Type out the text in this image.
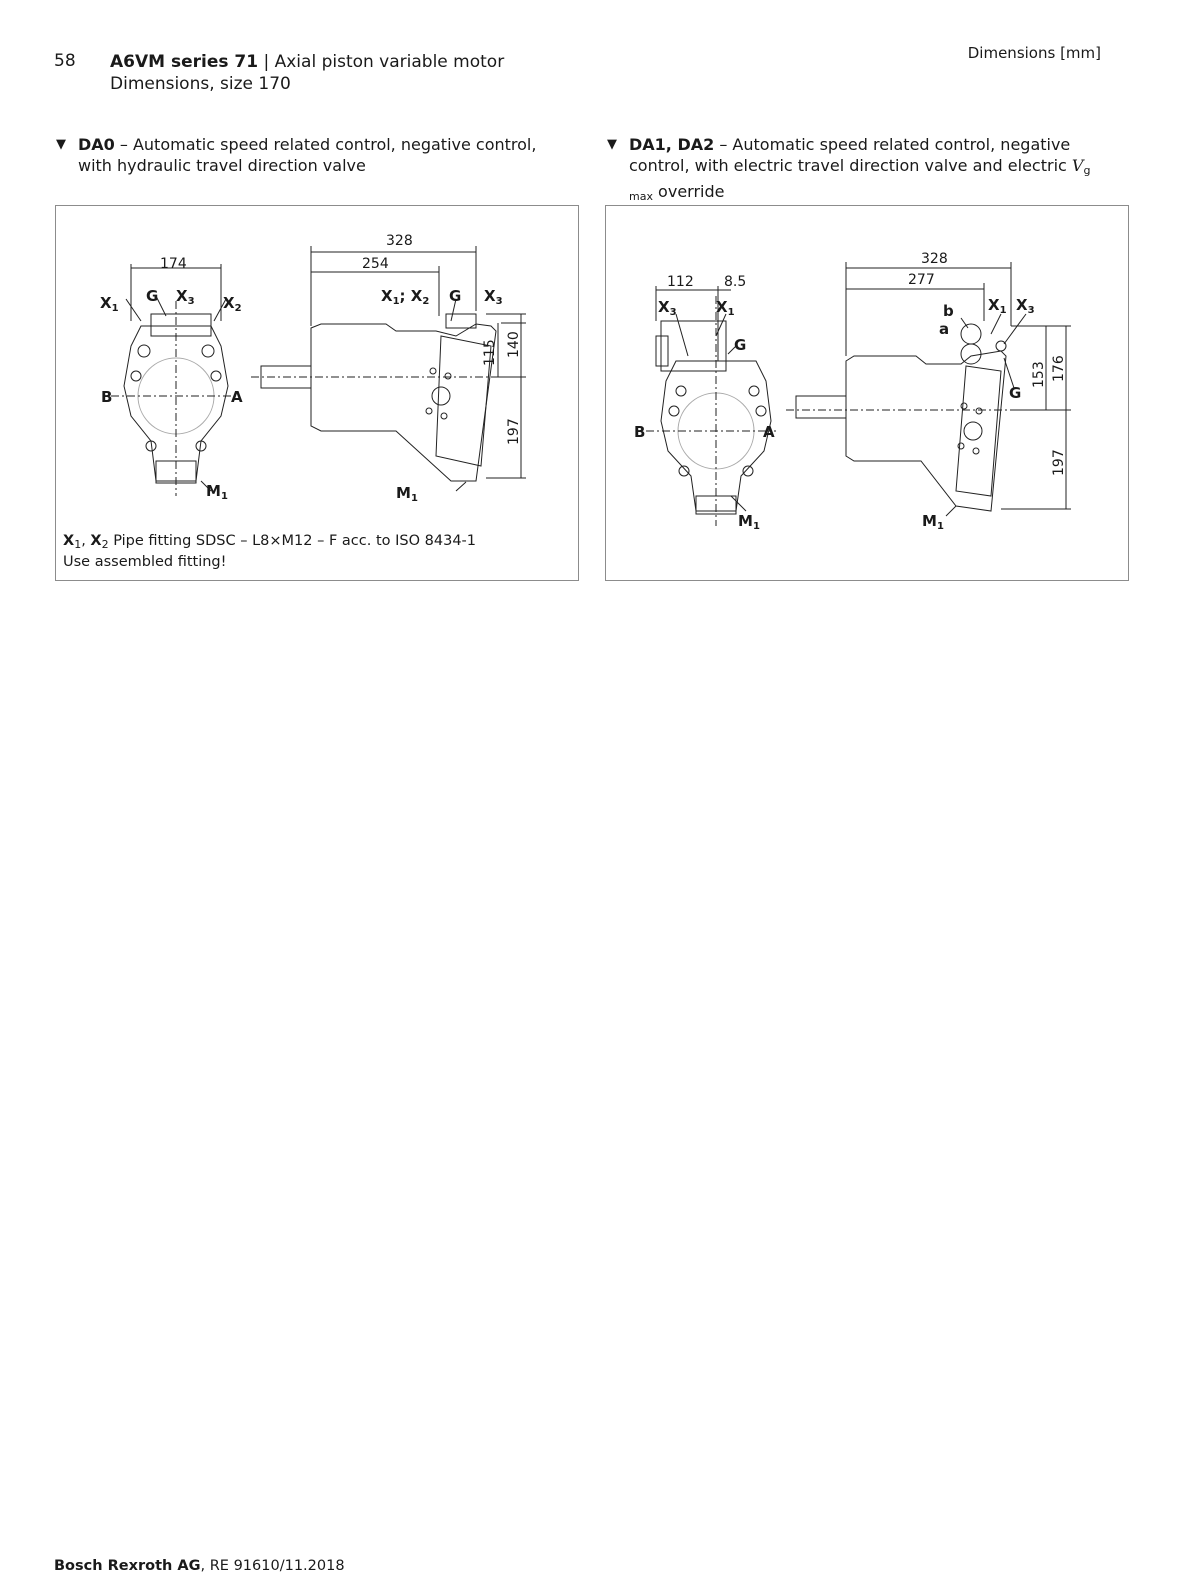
58 A6VM series 71 | Axial piston variable motor
Dimensions, size 170
Dimensions [mm]
▼ DA0 – Automatic speed related control, negative control, with hydraulic travel direction valve
▼ DA1, DA2 – Automatic speed related control, negative control, with electric travel direction valve and electric $V_{g max}$ override
174
328
254
115 140
197
$X_1$
G $X_3$ $X_2$
B	A
$M_1$
$X_1$; $X_2$ G $X_3$
$M_1$
$X_1$, $X_2$ Pipe fitting SDSC – L8×M12 – F acc. to ISO 8434-1
Use assembled fitting!
112 8.5
328
277
153 176
197
$X_3$	$X_1$
G
B	A
$M_1$
b
a
$X_1$ $X_3$
G
$M_1$
Bosch Rexroth AG, RE 91610/11.2018
